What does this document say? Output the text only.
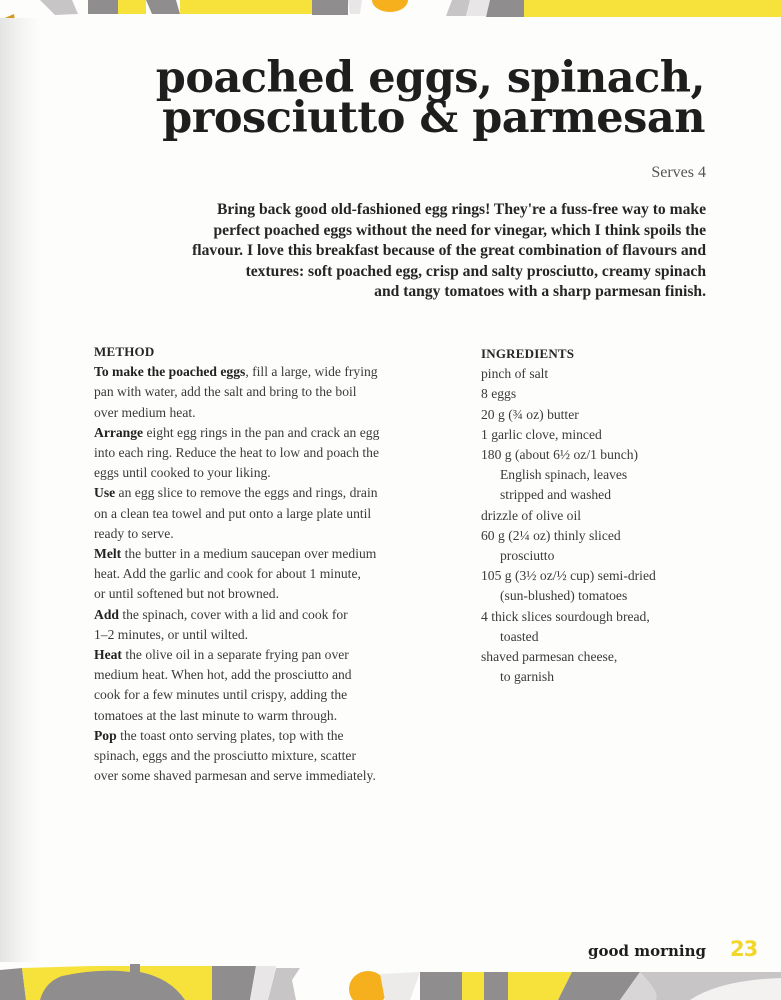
poached eggs, spinach,
prosciutto & parmesan
Serves 4
Bring back good old-fashioned egg rings! They're a fuss-free way to make
perfect poached eggs without the need for vinegar, which I think spoils the
flavour. I love this breakfast because of the great combination of flavours and
textures: soft poached egg, crisp and salty prosciutto, creamy spinach
and tangy tomatoes with a sharp parmesan finish.
METHOD
To make the poached eggs, fill a large, wide frying
pan with water, add the salt and bring to the boil
over medium heat.
Arrange eight egg rings in the pan and crack an egg
into each ring. Reduce the heat to low and poach the
eggs until cooked to your liking.
Use an egg slice to remove the eggs and rings, drain
on a clean tea towel and put onto a large plate until
ready to serve.
Melt the butter in a medium saucepan over medium
heat. Add the garlic and cook for about 1 minute,
or until softened but not browned.
Add the spinach, cover with a lid and cook for
1–2 minutes, or until wilted.
Heat the olive oil in a separate frying pan over
medium heat. When hot, add the prosciutto and
cook for a few minutes until crispy, adding the
tomatoes at the last minute to warm through.
Pop the toast onto serving plates, top with the
spinach, eggs and the prosciutto mixture, scatter
over some shaved parmesan and serve immediately.
INGREDIENTS
pinch of salt
8 eggs
20 g (¾ oz) butter
1 garlic clove, minced
180 g (about 6½ oz/1 bunch)
English spinach, leaves
stripped and washed
drizzle of olive oil
60 g (2¼ oz) thinly sliced
prosciutto
105 g (3½ oz/½ cup) semi-dried
(sun-blushed) tomatoes
4 thick slices sourdough bread,
toasted
shaved parmesan cheese,
to garnish
good morning 23
